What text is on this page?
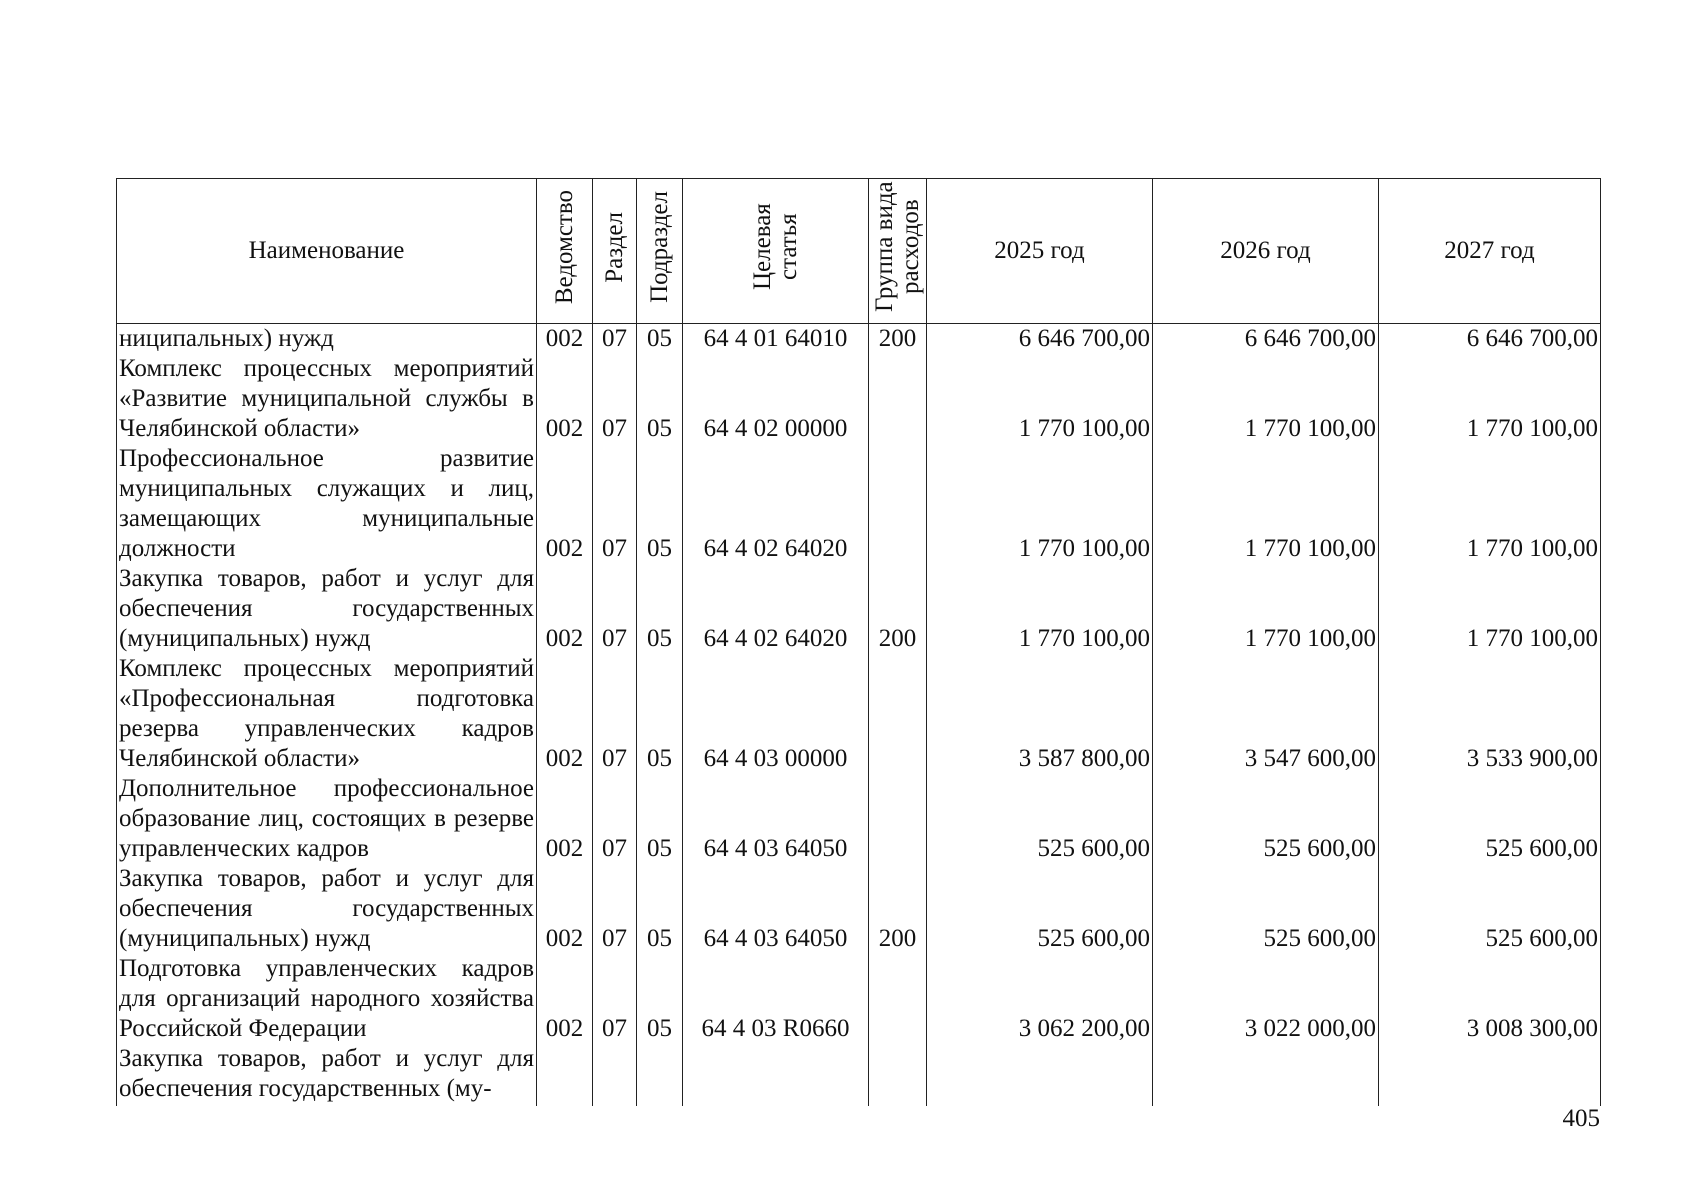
Наименование	Ведомство	Раздел	Подраздел	Целевая статья	Группа вида расходов	2025 год	2026 год	2027 год
ниципальных) нужд	002	07	05	64 4 01 64010	200	6 646 700,00	6 646 700,00	6 646 700,00
Комплекс процессных мероприятий «Развитие муниципальной службы в Челябинской области»	002	07	05	64 4 02 00000		1 770 100,00	1 770 100,00	1 770 100,00
Профессиональное развитие муниципальных служащих и лиц, замещающих муниципальные должности	002	07	05	64 4 02 64020		1 770 100,00	1 770 100,00	1 770 100,00
Закупка товаров, работ и услуг для обеспечения государственных (муниципальных) нужд	002	07	05	64 4 02 64020	200	1 770 100,00	1 770 100,00	1 770 100,00
Комплекс процессных мероприятий «Профессиональная подготовка резерва управленческих кадров Челябинской области»	002	07	05	64 4 03 00000		3 587 800,00	3 547 600,00	3 533 900,00
Дополнительное профессиональное образование лиц, состоящих в резерве управленческих кадров	002	07	05	64 4 03 64050		525 600,00	525 600,00	525 600,00
Закупка товаров, работ и услуг для обеспечения государственных (муниципальных) нужд	002	07	05	64 4 03 64050	200	525 600,00	525 600,00	525 600,00
Подготовка управленческих кадров для организаций народного хозяйства Российской Федерации	002	07	05	64 4 03 R0660		3 062 200,00	3 022 000,00	3 008 300,00
Закупка товаров, работ и услуг для обеспечения государственных (му-								
405
